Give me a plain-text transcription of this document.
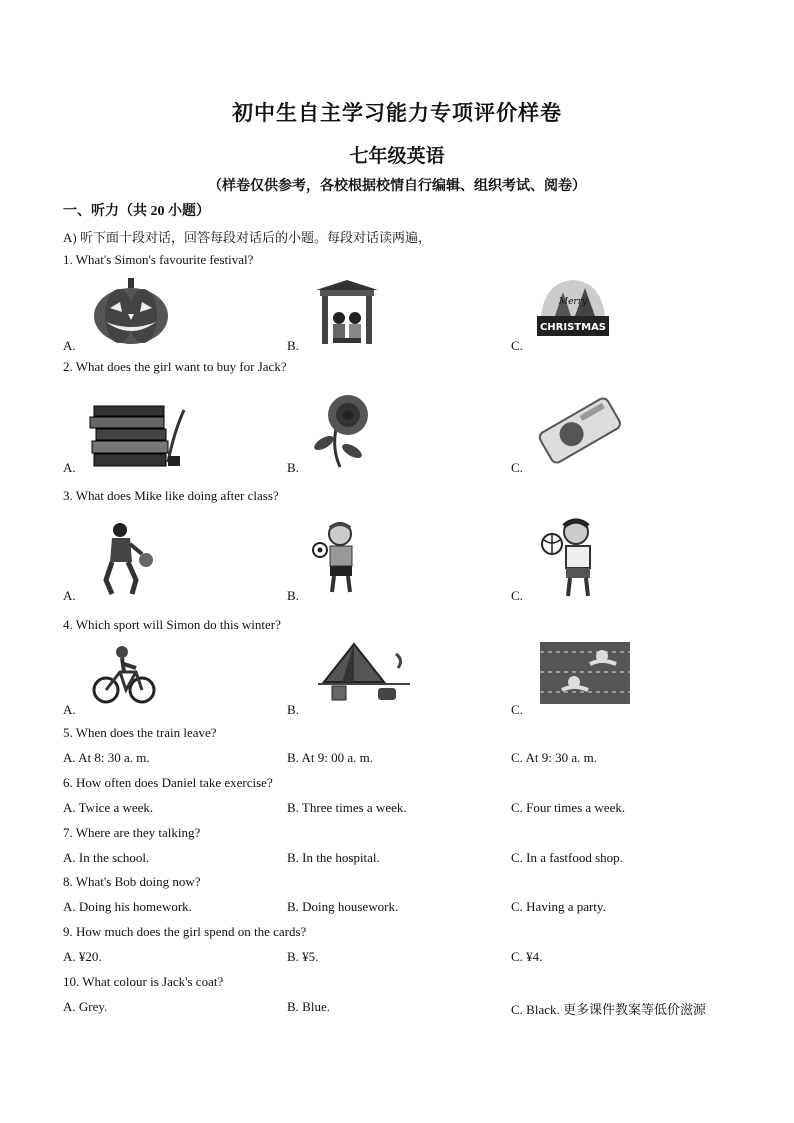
初中生自主学习能力专项评价样卷
七年级英语
（样卷仅供参考，各校根据校情自行编辑、组织考试、阅卷）
一、听力（共 20 小题）
A) 听下面十段对话，回答每段对话后的小题。每段对话读两遍，
1. What's Simon's favourite festival?
A.	B.
Merry
CHRISTMAS
C.
2. What does the girl want to buy for Jack?
A.	B.	C.
3. What does Mike like doing after class?
A.	B.	C.
4. Which sport will Simon do this winter?
A.	B.	C.
5. When does the train leave?
A. At 8: 30 a. m.	B. At 9: 00 a. m.	C. At 9: 30 a. m.
6. How often does Daniel take exercise?
A. Twice a week.	B. Three times a week.	C. Four times a week.
7. Where are they talking?
A. In the school.	B. In the hospital.	C. In a fastfood shop.
8. What's Bob doing now?
A. Doing his homework.	B. Doing housework.	C. Having a party.
9. How much does the girl spend on the cards?
A. ¥20.	B. ¥5.	C. ¥4.
10. What colour is Jack's coat?
A. Grey.	B. Blue.	C. Black. 更多课件教案等低价滋源
